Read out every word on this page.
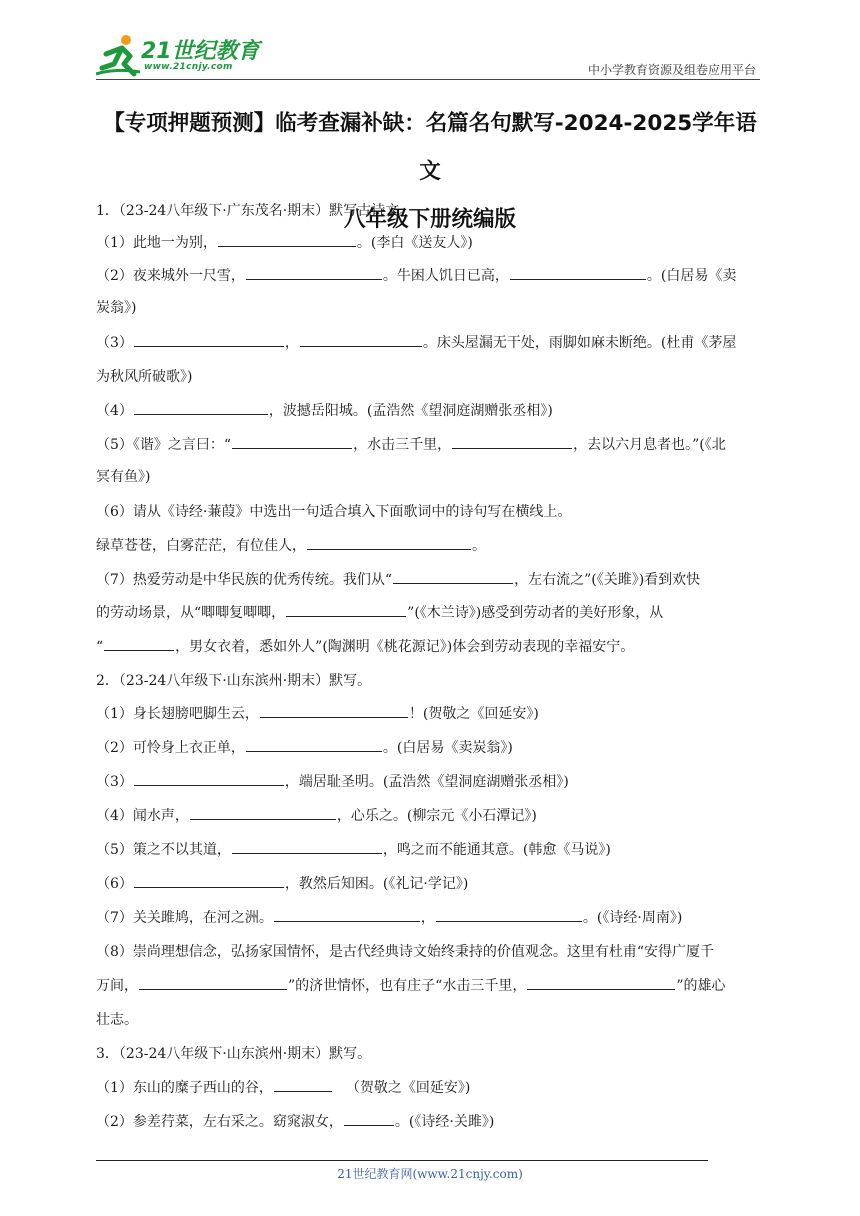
21世纪教育
www.21cnjy.com	中小学教育资源及组卷应用平台
【专项押题预测】临考查漏补缺：名篇名句默写-2024-2025学年语文
八年级下册统编版
1．（23-24八年级下·广东茂名·期末）默写古诗文。
（1）此地一为别，	。(李白《送友人》)
（2）夜来城外一尺雪，	。牛困人饥日已高，	。(白居易《卖
炭翁》)
（3）	，	。床头屋漏无干处，雨脚如麻未断绝。(杜甫《茅屋
为秋风所破歌》)
（4）	，波撼岳阳城。(孟浩然《望洞庭湖赠张丞相》)
（5）《谐》之言曰：“	，水击三千里，	，去以六月息者也。”(《北
冥有鱼》)
（6）请从《诗经·蒹葭》中选出一句适合填入下面歌词中的诗句写在横线上。
绿草苍苍，白雾茫茫，有位佳人，	。
（7）热爱劳动是中华民族的优秀传统。我们从“	，左右流之”(《关雎》)看到欢快
的劳动场景，从“唧唧复唧唧，	”(《木兰诗》)感受到劳动者的美好形象，从
“	，男女衣着，悉如外人”(陶渊明《桃花源记》)体会到劳动表现的幸福安宁。
2．（23-24八年级下·山东滨州·期末）默写。
（1）身长翅膀吧脚生云，	！(贺敬之《回延安》)
（2）可怜身上衣正单，	。(白居易《卖炭翁》)
（3）	，端居耻圣明。(孟浩然《望洞庭湖赠张丞相》)
（4）闻水声，	，心乐之。(柳宗元《小石潭记》)
（5）策之不以其道，	，鸣之而不能通其意。(韩愈《马说》)
（6）	，教然后知困。(《礼记·学记》)
（7）关关雎鸠，在河之洲。	，	。(《诗经·周南》)
（8）崇尚理想信念，弘扬家国情怀，是古代经典诗文始终秉持的价值观念。这里有杜甫“安得广厦千
万间，	”的济世情怀，也有庄子“水击三千里，	”的雄心
壮志。
3．（23-24八年级下·山东滨州·期末）默写。
（1）东山的糜子西山的谷，	（贺敬之《回延安》)
（2）参差荇菜，左右采之。窈窕淑女，	。(《诗经·关雎》)
21世纪教育网(www.21cnjy.com)
